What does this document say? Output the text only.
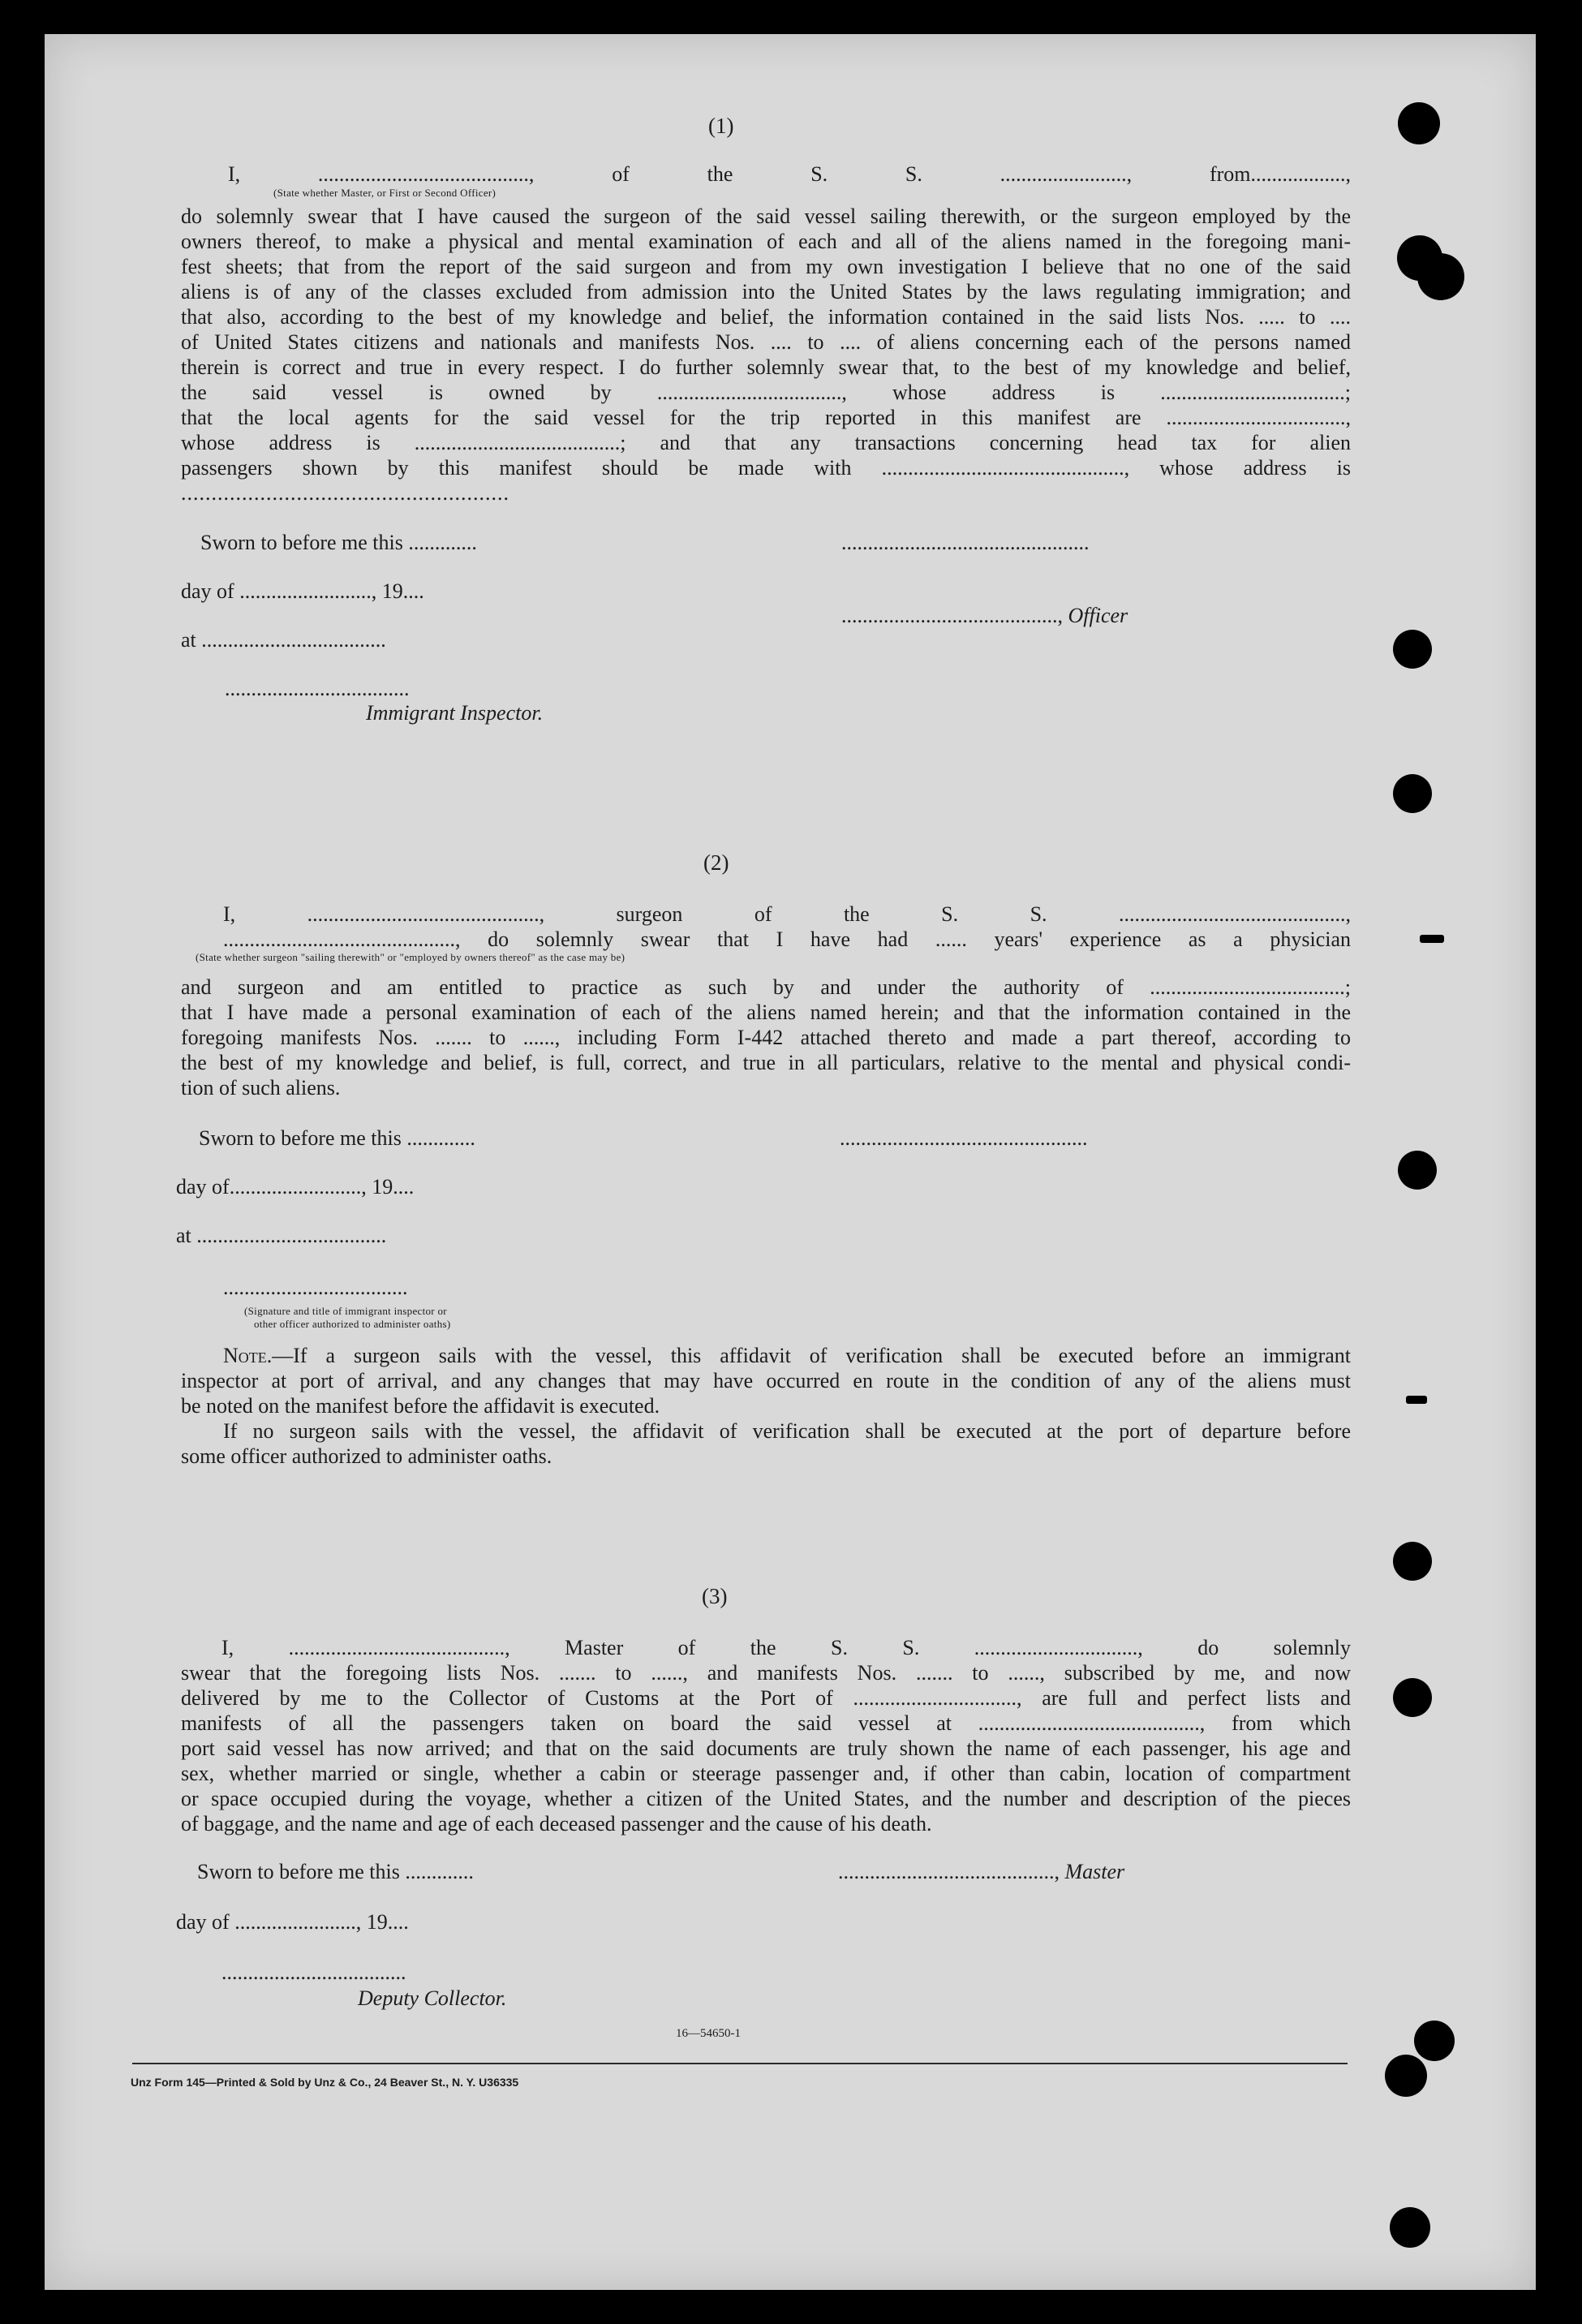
(1)
I, ........................................, of the S. S. ........................, from..................,
(State whether Master, or First or Second Officer)
do solemnly swear that I have caused the surgeon of the said vessel sailing therewith, or the surgeon employed by the
owners thereof, to make a physical and mental examination of each and all of the aliens named in the foregoing mani-
fest sheets; that from the report of the said surgeon and from my own investigation I believe that no one of the said
aliens is of any of the classes excluded from admission into the United States by the laws regulating immigration; and
that also, according to the best of my knowledge and belief, the information contained in the said lists Nos. ..... to ....
of United States citizens and nationals and manifests Nos. .... to .... of aliens concerning each of the persons named
therein is correct and true in every respect. I do further solemnly swear that, to the best of my knowledge and belief,
the said vessel is owned by ..................................., whose address is ...................................;
that the local agents for the said vessel for the trip reported in this manifest are ..................................,
whose address is .......................................; and that any transactions concerning head tax for alien
passengers shown by this manifest should be made with .............................................., whose address is
......................................................
Sworn to before me this .............
day of ........................., 19....
at ...................................
...................................
Immigrant Inspector.
...............................................
........................................., Officer
(2)
I, ............................................, surgeon of the S. S. ...........................................,
............................................, do solemnly swear that I have had ...... years' experience as a physician
(State whether surgeon "sailing therewith" or "employed by owners thereof" as the case may be)
and surgeon and am entitled to practice as such by and under the authority of .....................................;
that I have made a personal examination of each of the aliens named herein; and that the information contained in the
foregoing manifests Nos. ....... to ......, including Form I-442 attached thereto and made a part thereof, according to
the best of my knowledge and belief, is full, correct, and true in all particulars, relative to the mental and physical condi-
tion of such aliens.
Sworn to before me this .............
day of........................., 19....
at ....................................
...................................
(Signature and title of immigrant inspector or
other officer authorized to administer oaths)
...............................................
Note.—If a surgeon sails with the vessel, this affidavit of verification shall be executed before an immigrant
inspector at port of arrival, and any changes that may have occurred en route in the condition of any of the aliens must
be noted on the manifest before the affidavit is executed.
If no surgeon sails with the vessel, the affidavit of verification shall be executed at the port of departure before
some officer authorized to administer oaths.
(3)
I, ........................................., Master of the S. S. ..............................., do solemnly
swear that the foregoing lists Nos. ....... to ......, and manifests Nos. ....... to ......, subscribed by me, and now
delivered by me to the Collector of Customs at the Port of ..............................., are full and perfect lists and
manifests of all the passengers taken on board the said vessel at .........................................., from which
port said vessel has now arrived; and that on the said documents are truly shown the name of each passenger, his age and
sex, whether married or single, whether a cabin or steerage passenger and, if other than cabin, location of compartment
or space occupied during the voyage, whether a citizen of the United States, and the number and description of the pieces
of baggage, and the name and age of each deceased passenger and the cause of his death.
Sworn to before me this .............
day of ......................., 19....
...................................
Deputy Collector.
........................................., Master
16—54650-1
Unz Form 145—Printed & Sold by Unz & Co., 24 Beaver St., N. Y. U36335
